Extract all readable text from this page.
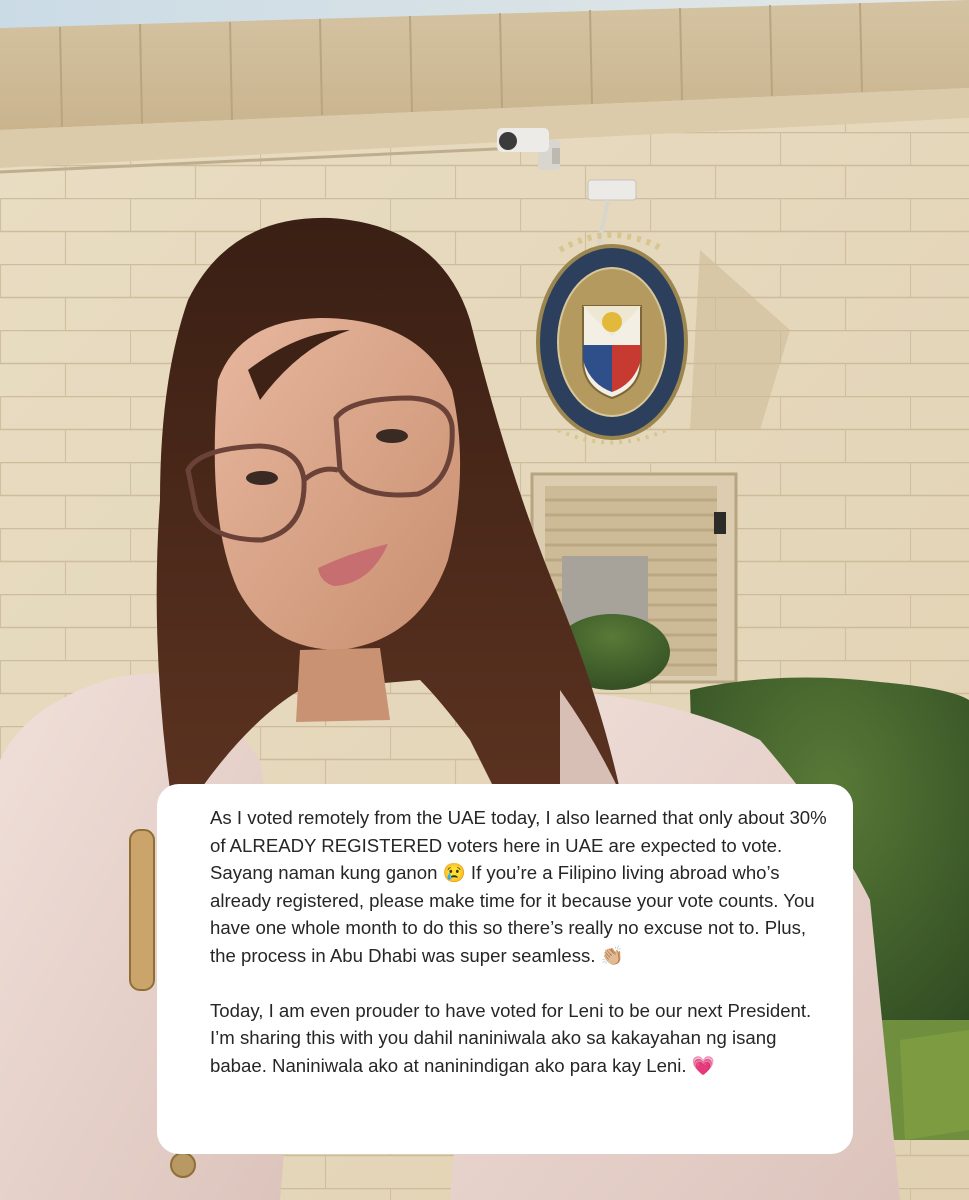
As I voted remotely from the UAE today, I also learned that only about 30% of ALREADY REGISTERED voters here in UAE are expected to vote. Sayang naman kung ganon 😢 If you’re a Filipino living abroad who’s already registered, please make time for it because your vote counts. You have one whole month to do this so there’s really no excuse not to. Plus, the process in Abu Dhabi was super seamless. 👏🏼

Today, I am even prouder to have voted for Leni to be our next President. I’m sharing this with you dahil naniniwala ako sa kakayahan ng isang babae. Naniniwala ako at naninindigan ako para kay Leni. 💗
